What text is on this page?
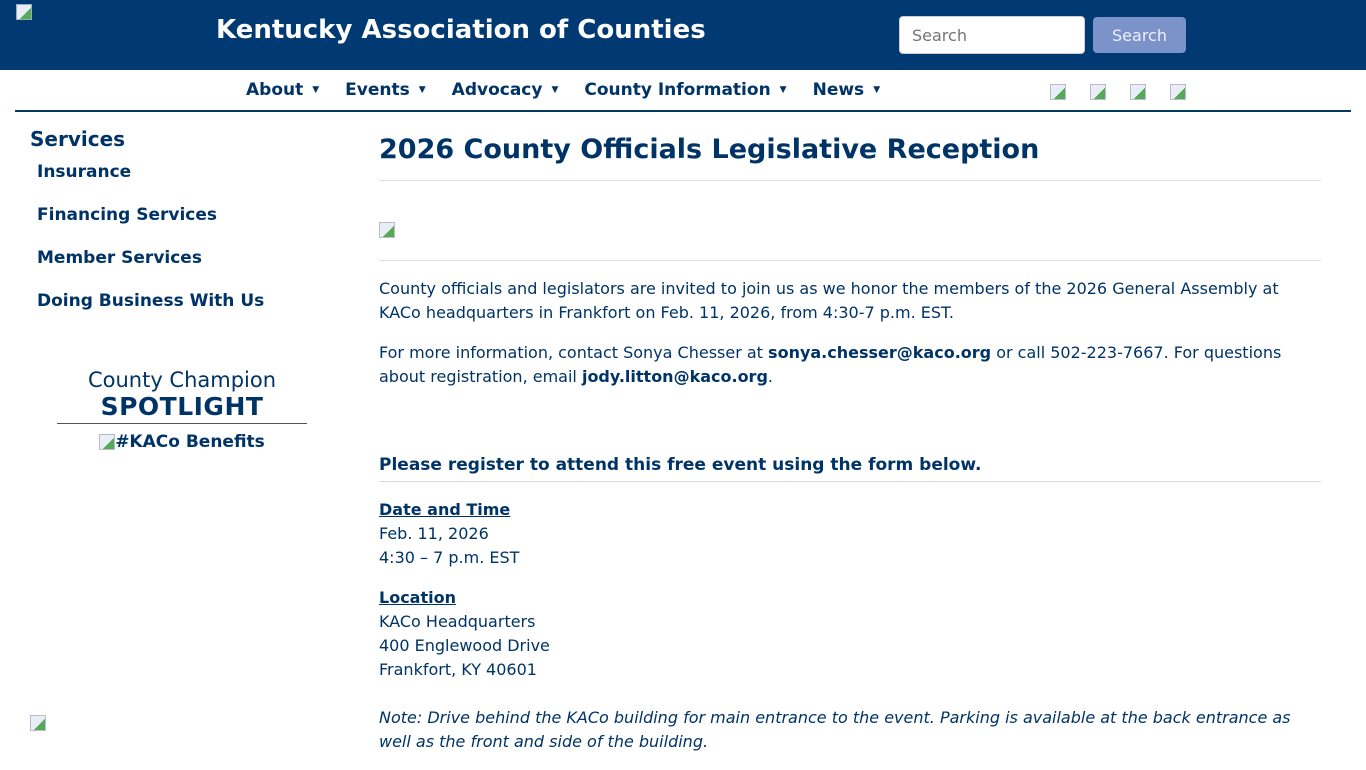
Kentucky Association of Counties
Search	Search
About ▼ Events ▼ Advocacy ▼ County Information ▼ News ▼
Services
Insurance
Financing Services
Member Services
Doing Business With Us
County Champion
SPOTLIGHT
#KACo Benefits
2026 County Officials Legislative Reception

County officials and legislators are invited to join us as we honor the members of the 2026 General Assembly at KACo headquarters in Frankfort on Feb. 11, 2026, from 4:30-7 p.m. EST.

For more information, contact Sonya Chesser at sonya.chesser@kaco.org or call 502-223-7667. For questions about registration, email jody.litton@kaco.org.

Please register to attend this free event using the form below.

Date and Time
Feb. 11, 2026
4:30 – 7 p.m. EST

Location
KACo Headquarters
400 Englewood Drive
Frankfort, KY 40601

Note: Drive behind the KACo building for main entrance to the event. Parking is available at the back entrance as well as the front and side of the building.
